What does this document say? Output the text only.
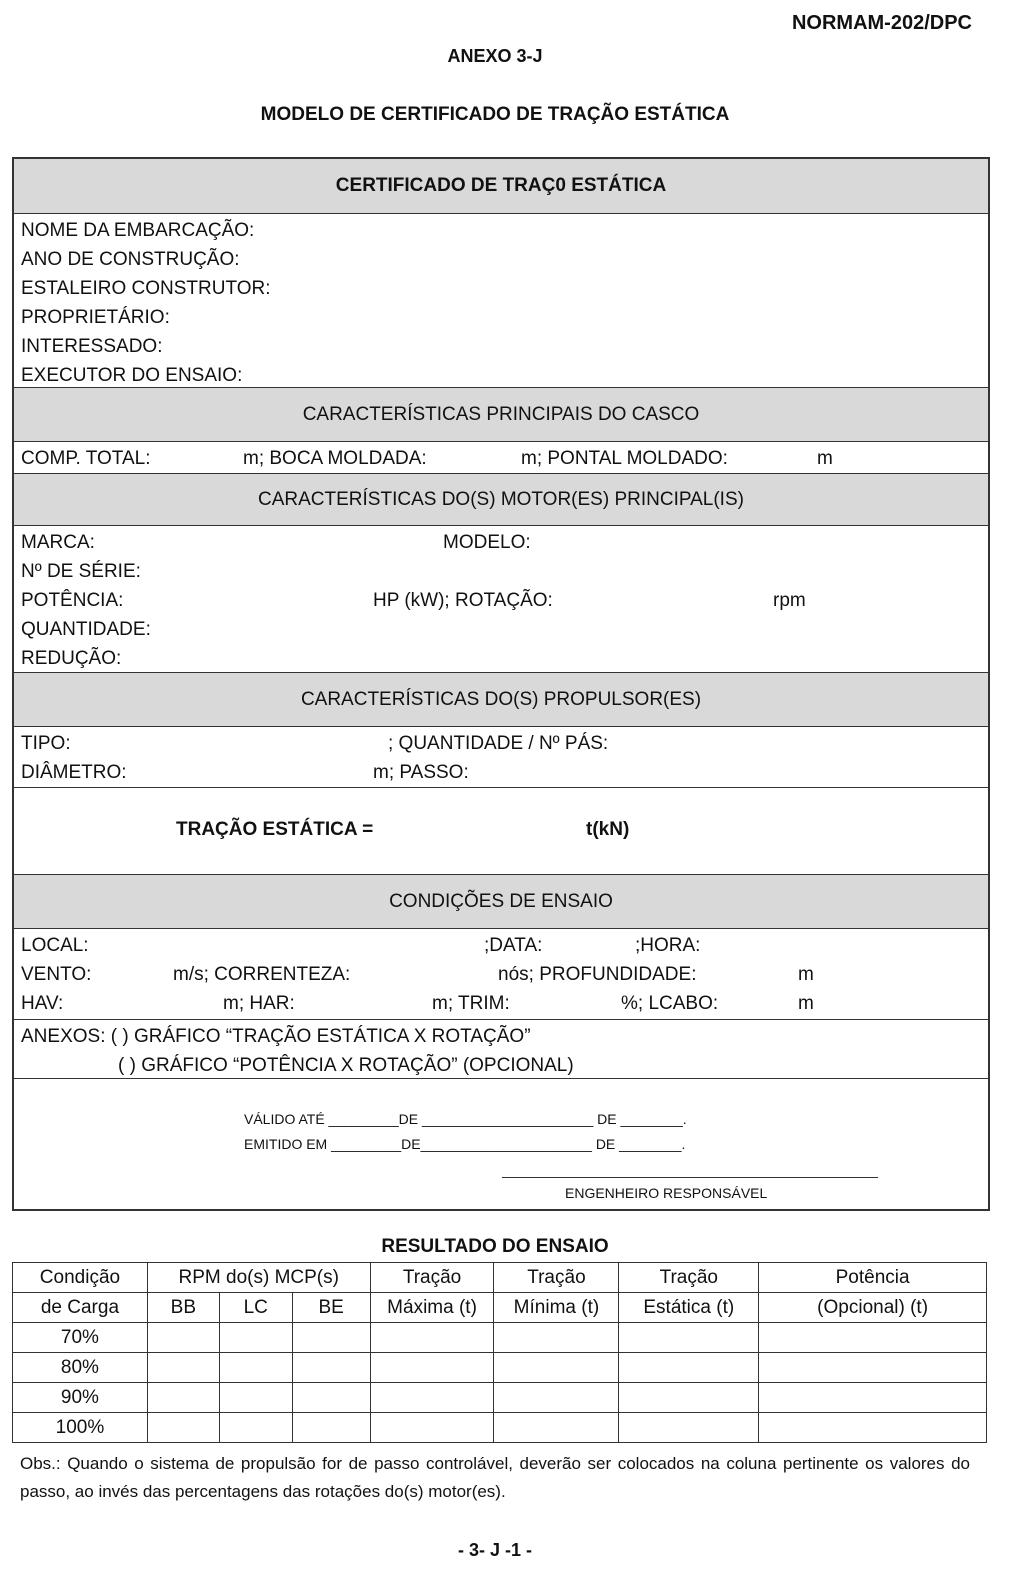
NORMAM-202/DPC
ANEXO 3-J
MODELO DE CERTIFICADO DE TRAÇÃO ESTÁTICA
CERTIFICADO DE TRAÇ0 ESTÁTICA
NOME DA EMBARCAÇÃO:
ANO DE CONSTRUÇÃO:
ESTALEIRO CONSTRUTOR:
PROPRIETÁRIO:
INTERESSADO:
EXECUTOR DO ENSAIO:
CARACTERÍSTICAS PRINCIPAIS DO CASCO
COMP. TOTAL:	m; BOCA MOLDADA:	m; PONTAL MOLDADO:	m
CARACTERÍSTICAS DO(S) MOTOR(ES) PRINCIPAL(IS)
MARCA:	MODELO:
Nº DE SÉRIE:
POTÊNCIA:	HP (kW); ROTAÇÃO:	rpm
QUANTIDADE:
REDUÇÃO:
CARACTERÍSTICAS DO(S) PROPULSOR(ES)
TIPO:	; QUANTIDADE / Nº PÁS:
DIÂMETRO:	m; PASSO:
TRAÇÃO ESTÁTICA =	t(kN)
CONDIÇÕES DE ENSAIO
LOCAL:	;DATA:	;HORA:
VENTO:	m/s; CORRENTEZA:	nós; PROFUNDIDADE:	m
HAV:	m; HAR:	m; TRIM:	%; LCABO:	m
ANEXOS: ( ) GRÁFICO “TRAÇÃO ESTÁTICA X ROTAÇÃO”
( ) GRÁFICO “POTÊNCIA X ROTAÇÃO” (OPCIONAL)
VÁLIDO ATÉ _________DE ______________________ DE ________.
EMITIDO EM _________DE______________________ DE ________.
ENGENHEIRO RESPONSÁVEL
RESULTADO DO ENSAIO
Condição	RPM do(s) MCP(s)			Tração	Tração	Tração	Potência
de Carga	BB	LC	BE	Máxima (t)	Mínima (t)	Estática (t)	(Opcional) (t)
70%							
80%							
90%							
100%							
Obs.: Quando o sistema de propulsão for de passo controlável, deverão ser colocados na coluna pertinente os valores do passo, ao invés das percentagens das rotações do(s) motor(es).
- 3- J -1 -
